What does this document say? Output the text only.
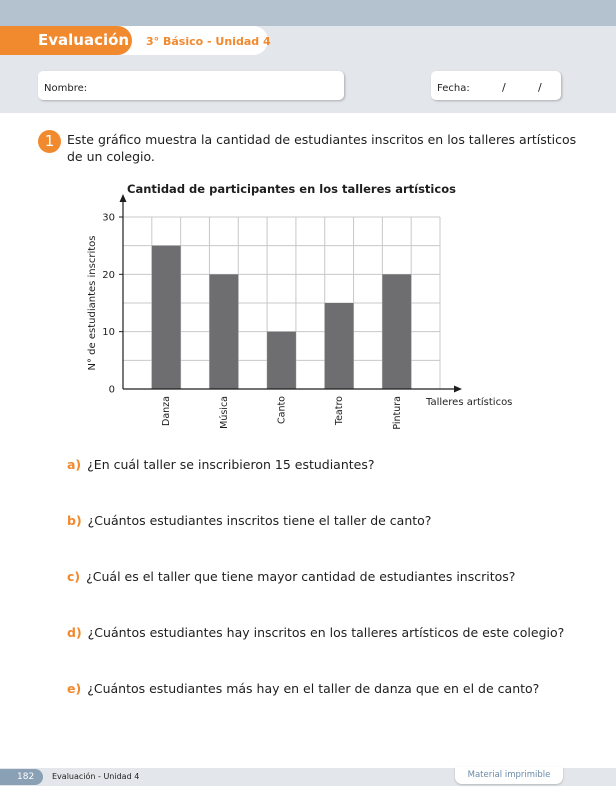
Evaluación 3° Básico - Unidad 4
Nombre:	Fecha:	/	/
1	Este gráfico muestra la cantidad de estudiantes inscritos en los talleres artísticos de un colegio.
0
10
20
30
Danza	Música	Canto	Teatro	Pintura
Cantidad de participantes en los talleres artísticos
Talleres artísticos
N° de estudiantes inscritos
a) ¿En cuál taller se inscribieron 15 estudiantes?
b) ¿Cuántos estudiantes inscritos tiene el taller de canto?
c) ¿Cuál es el taller que tiene mayor cantidad de estudiantes inscritos?
d) ¿Cuántos estudiantes hay inscritos en los talleres artísticos de este colegio?
e) ¿Cuántos estudiantes más hay en el taller de danza que en el de canto?
182	Evaluación - Unidad 4	Material imprimible
